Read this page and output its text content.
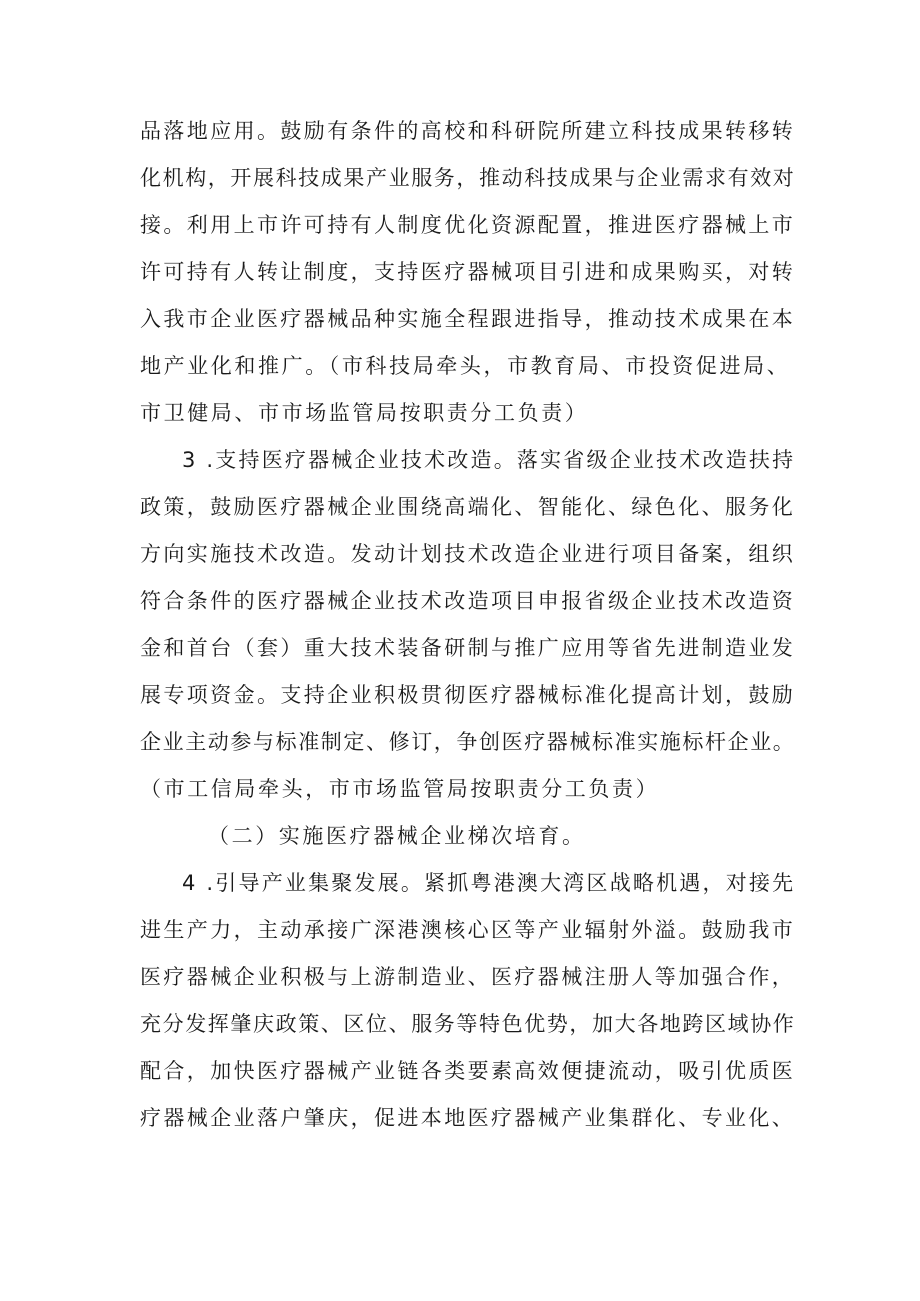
品落地应用。鼓励有条件的高校和科研院所建立科技成果转移转
化机构，开展科技成果产业服务，推动科技成果与企业需求有效对
接。利用上市许可持有人制度优化资源配置，推进医疗器械上市
许可持有人转让制度，支持医疗器械项目引进和成果购买，对转
入我市企业医疗器械品种实施全程跟进指导，推动技术成果在本
地产业化和推广。（市科技局牵头，市教育局、市投资促进局、
市卫健局、市市场监管局按职责分工负责）
3 .支持医疗器械企业技术改造。落实省级企业技术改造扶持
政策，鼓励医疗器械企业围绕高端化、智能化、绿色化、服务化
方向实施技术改造。发动计划技术改造企业进行项目备案，组织
符合条件的医疗器械企业技术改造项目申报省级企业技术改造资
金和首台（套）重大技术装备研制与推广应用等省先进制造业发
展专项资金。支持企业积极贯彻医疗器械标准化提高计划，鼓励
企业主动参与标准制定、修订，争创医疗器械标准实施标杆企业。
（市工信局牵头，市市场监管局按职责分工负责）
（二）实施医疗器械企业梯次培育。
4 .引导产业集聚发展。紧抓粤港澳大湾区战略机遇，对接先
进生产力，主动承接广深港澳核心区等产业辐射外溢。鼓励我市
医疗器械企业积极与上游制造业、医疗器械注册人等加强合作，
充分发挥肇庆政策、区位、服务等特色优势，加大各地跨区域协作
配合，加快医疗器械产业链各类要素高效便捷流动，吸引优质医
疗器械企业落户肇庆，促进本地医疗器械产业集群化、专业化、
